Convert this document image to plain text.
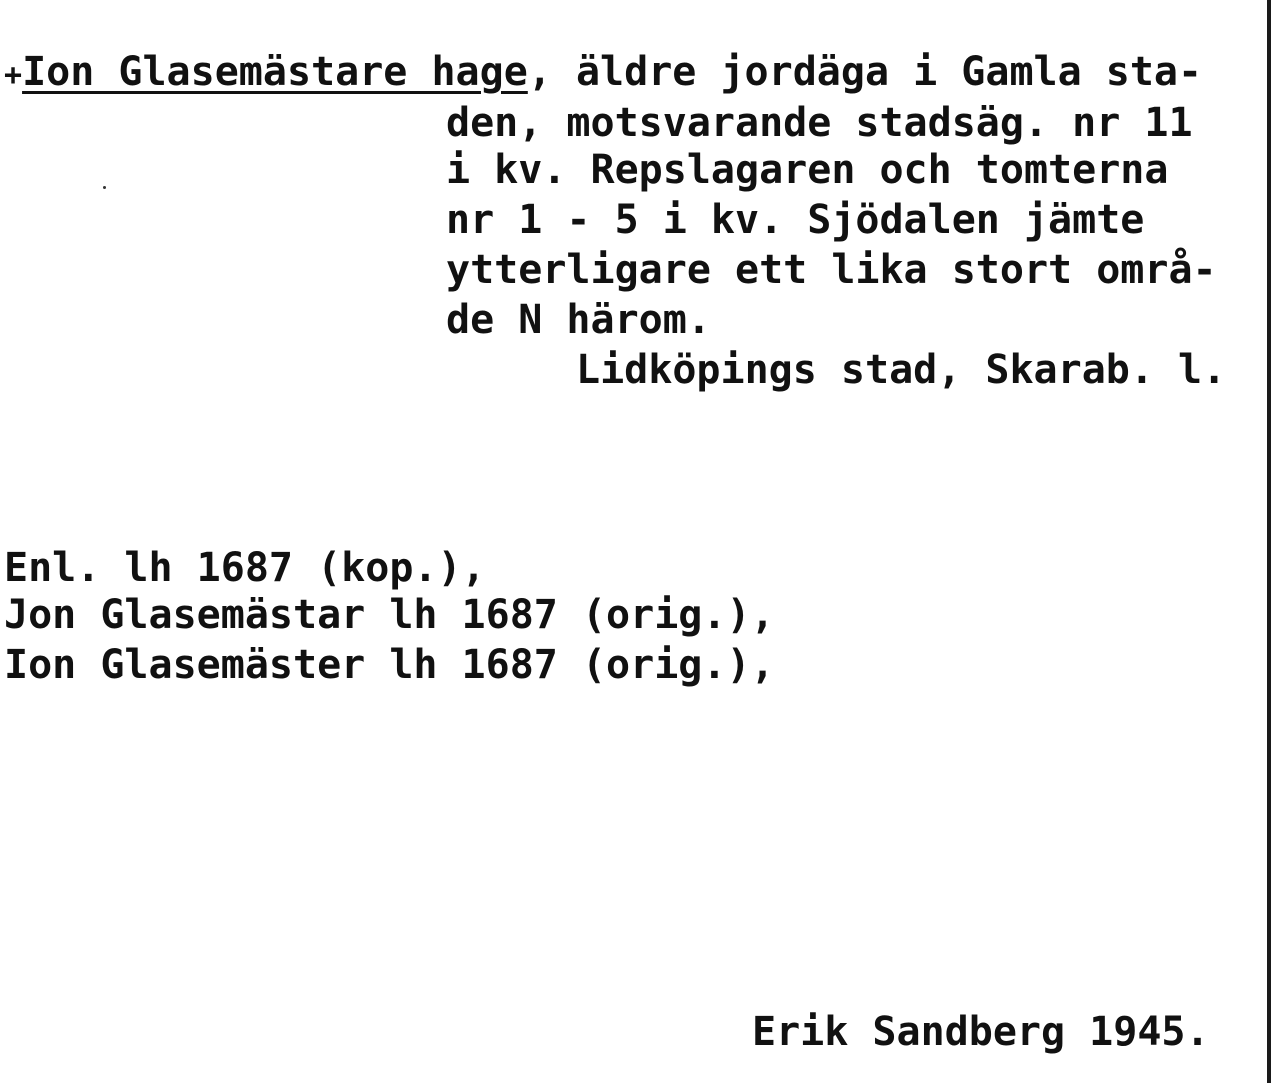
+Ion Glasemästare hage, äldre jordäga i Gamla sta-
den, motsvarande stadsäg. nr 11
i kv. Repslagaren och tomterna
nr 1 - 5 i kv. Sjödalen jämte
ytterligare ett lika stort områ-
de N härom.
Lidköpings stad, Skarab. l.
Enl. lh 1687 (kop.),
Jon Glasemästar lh 1687 (orig.),
Ion Glasemäster lh 1687 (orig.),
Erik Sandberg 1945.
